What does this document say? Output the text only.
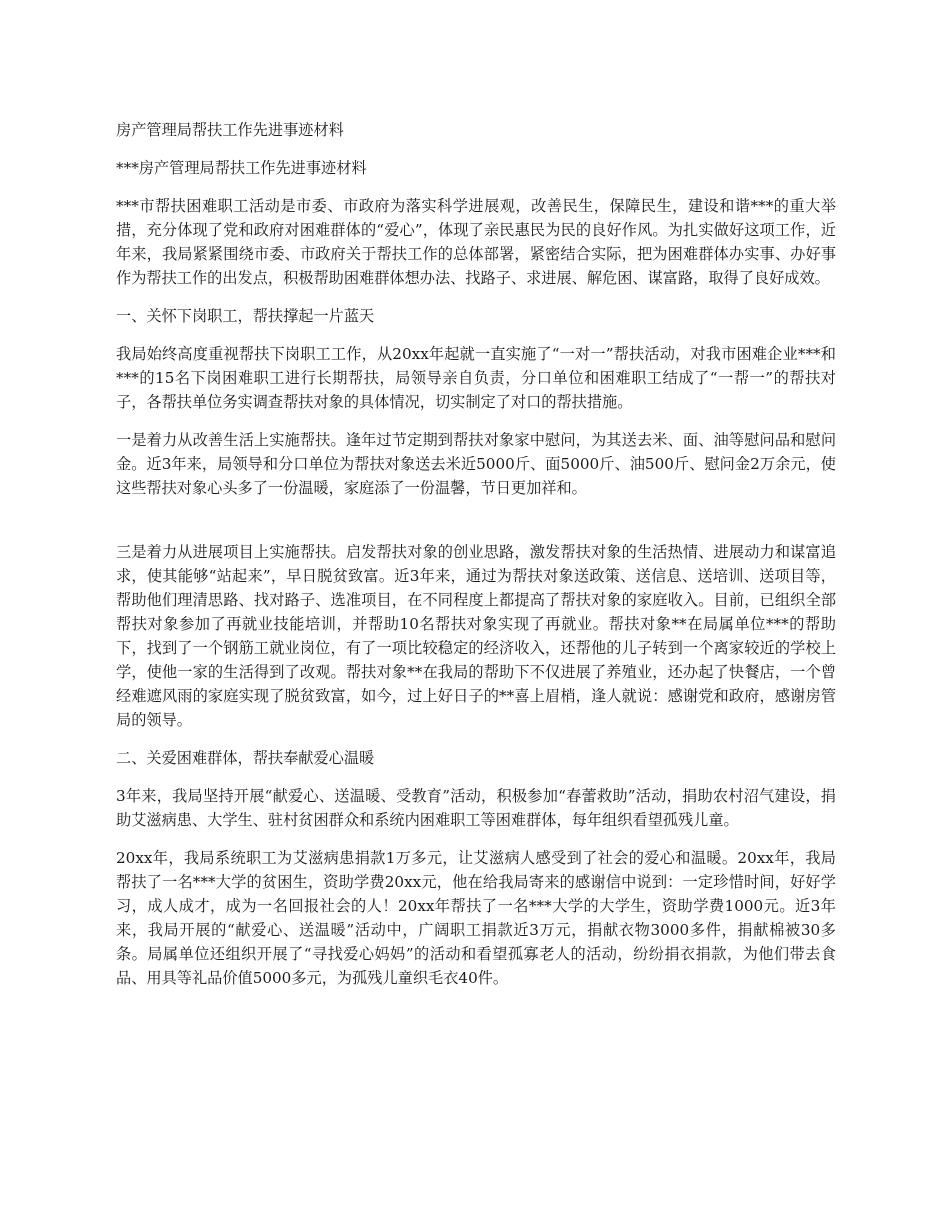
房产管理局帮扶工作先进事迹材料

***房产管理局帮扶工作先进事迹材料

***市帮扶困难职工活动是市委、市政府为落实科学进展观，改善民生，保障民生，建设和谐***的重大举措，充分体现了党和政府对困难群体的“爱心”，体现了亲民惠民为民的良好作风。为扎实做好这项工作，近年来，我局紧紧围绕市委、市政府关于帮扶工作的总体部署，紧密结合实际，把为困难群体办实事、办好事作为帮扶工作的出发点，积极帮助困难群体想办法、找路子、求进展、解危困、谋富路，取得了良好成效。

一、关怀下岗职工，帮扶撑起一片蓝天

我局始终高度重视帮扶下岗职工工作，从20xx年起就一直实施了“一对一”帮扶活动，对我市困难企业***和***的15名下岗困难职工进行长期帮扶，局领导亲自负责，分口单位和困难职工结成了“一帮一”的帮扶对子，各帮扶单位务实调查帮扶对象的具体情况，切实制定了对口的帮扶措施。

一是着力从改善生活上实施帮扶。逢年过节定期到帮扶对象家中慰问，为其送去米、面、油等慰问品和慰问金。近3年来，局领导和分口单位为帮扶对象送去米近5000斤、面5000斤、油500斤、慰问金2万余元，使这些帮扶对象心头多了一份温暖，家庭添了一份温馨，节日更加祥和。

三是着力从进展项目上实施帮扶。启发帮扶对象的创业思路，激发帮扶对象的生活热情、进展动力和谋富追求，使其能够“站起来”，早日脱贫致富。近3年来，通过为帮扶对象送政策、送信息、送培训、送项目等，帮助他们理清思路、找对路子、选准项目，在不同程度上都提高了帮扶对象的家庭收入。目前，已组织全部帮扶对象参加了再就业技能培训，并帮助10名帮扶对象实现了再就业。帮扶对象**在局属单位***的帮助下，找到了一个钢筋工就业岗位，有了一项比较稳定的经济收入，还帮他的儿子转到一个离家较近的学校上学，使他一家的生活得到了改观。帮扶对象**在我局的帮助下不仅进展了养殖业，还办起了快餐店，一个曾经难遮风雨的家庭实现了脱贫致富，如今，过上好日子的**喜上眉梢，逢人就说：感谢党和政府，感谢房管局的领导。

二、关爱困难群体，帮扶奉献爱心温暖

3年来，我局坚持开展“献爱心、送温暖、受教育”活动，积极参加“春蕾救助”活动，捐助农村沼气建设，捐助艾滋病患、大学生、驻村贫困群众和系统内困难职工等困难群体，每年组织看望孤残儿童。

20xx年，我局系统职工为艾滋病患捐款1万多元，让艾滋病人感受到了社会的爱心和温暖。20xx年，我局帮扶了一名***大学的贫困生，资助学费20xx元，他在给我局寄来的感谢信中说到：一定珍惜时间，好好学习，成人成才，成为一名回报社会的人！20xx年帮扶了一名***大学的大学生，资助学费1000元。近3年来，我局开展的“献爱心、送温暖”活动中，广阔职工捐款近3万元，捐献衣物3000多件，捐献棉被30多条。局属单位还组织开展了“寻找爱心妈妈”的活动和看望孤寡老人的活动，纷纷捐衣捐款，为他们带去食品、用具等礼品价值5000多元，为孤残儿童织毛衣40件。
